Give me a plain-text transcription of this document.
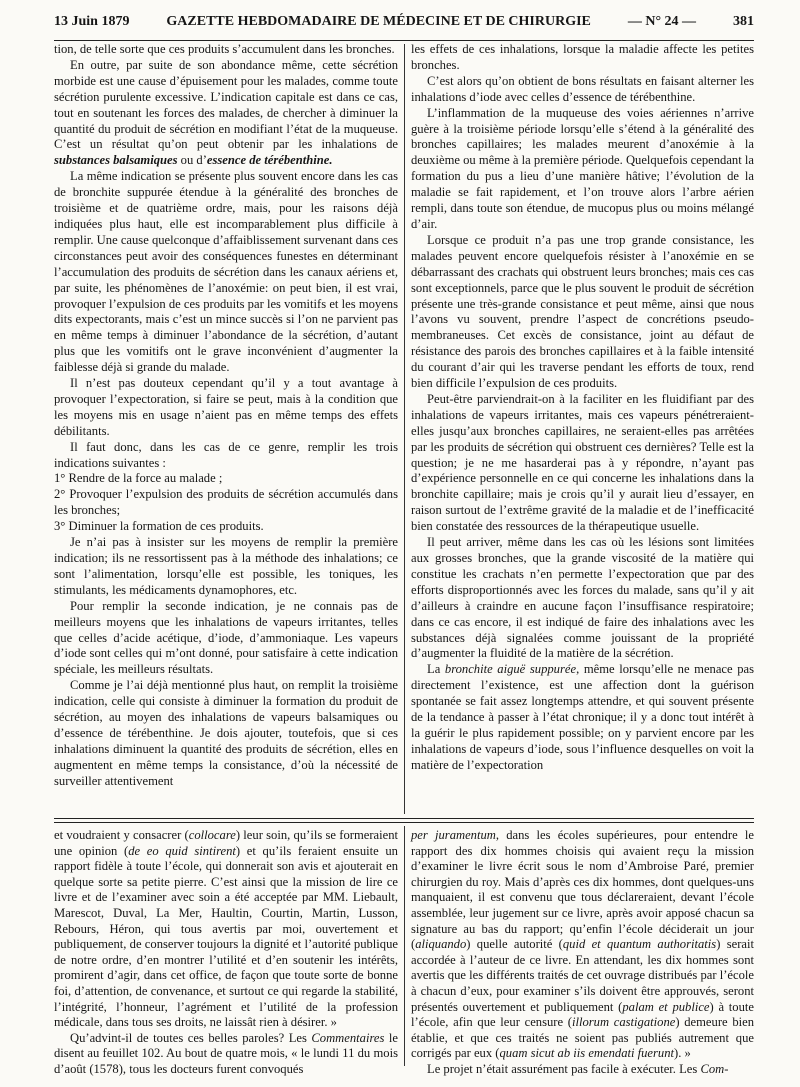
13 Juin 1879	GAZETTE HEBDOMADAIRE DE MÉDECINE ET DE CHIRURGIE	— N° 24 —	381

tion, de telle sorte que ces produits s’accumulent dans les bronches.

En outre, par suite de son abondance même, cette sécrétion morbide est une cause d’épuisement pour les malades, comme toute sécrétion purulente excessive. L’indication capitale est dans ce cas, tout en soutenant les forces des malades, de chercher à diminuer la quantité du produit de sécrétion en modifiant l’état de la muqueuse. C’est un résultat qu’on peut obtenir par les inhalations de substances balsamiques ou d’essence de térébenthine.

La même indication se présente plus souvent encore dans les cas de bronchite suppurée étendue à la généralité des bronches de troisième et de quatrième ordre, mais, pour les raisons déjà indiquées plus haut, elle est incomparablement plus difficile à remplir. Une cause quelconque d’affaiblissement survenant dans ces circonstances peut avoir des conséquences funestes en déterminant l’accumulation des produits de sécrétion dans les canaux aériens et, par suite, les phénomènes de l’anoxémie: on peut bien, il est vrai, provoquer l’expulsion de ces produits par les vomitifs et les moyens dits expectorants, mais c’est un mince succès si l’on ne parvient pas en même temps à diminuer l’abondance de la sécrétion, d’autant plus que les vomitifs ont le grave inconvénient d’augmenter la faiblesse déjà si grande du malade.

Il n’est pas douteux cependant qu’il y a tout avantage à provoquer l’expectoration, si faire se peut, mais à la condition que les moyens mis en usage n’aient pas en même temps des effets débilitants.

Il faut donc, dans les cas de ce genre, remplir les trois indications suivantes :

1° Rendre de la force au malade ;

2° Provoquer l’expulsion des produits de sécrétion accumulés dans les bronches;

3° Diminuer la formation de ces produits.

Je n’ai pas à insister sur les moyens de remplir la première indication; ils ne ressortissent pas à la méthode des inhalations; ce sont l’alimentation, lorsqu’elle est possible, les toniques, les stimulants, les médicaments dynamophores, etc.

Pour remplir la seconde indication, je ne connais pas de meilleurs moyens que les inhalations de vapeurs irritantes, telles que celles d’acide acétique, d’iode, d’ammoniaque. Les vapeurs d’iode sont celles qui m’ont donné, pour satisfaire à cette indication spéciale, les meilleurs résultats.

Comme je l’ai déjà mentionné plus haut, on remplit la troisième indication, celle qui consiste à diminuer la formation du produit de sécrétion, au moyen des inhalations de vapeurs balsamiques ou d’essence de térébenthine. Je dois ajouter, toutefois, que si ces inhalations diminuent la quantité des produits de sécrétion, elles en augmentent en même temps la consistance, d’où la nécessité de surveiller attentivement

les effets de ces inhalations, lorsque la maladie affecte les petites bronches.

C’est alors qu’on obtient de bons résultats en faisant alterner les inhalations d’iode avec celles d’essence de térébenthine.

L’inflammation de la muqueuse des voies aériennes n’arrive guère à la troisième période lorsqu’elle s’étend à la généralité des bronches capillaires; les malades meurent d’anoxémie à la deuxième ou même à la première période. Quelquefois cependant la formation du pus a lieu d’une manière hâtive; l’évolution de la maladie se fait rapidement, et l’on trouve alors l’arbre aérien rempli, dans toute son étendue, de mucopus plus ou moins mélangé d’air.

Lorsque ce produit n’a pas une trop grande consistance, les malades peuvent encore quelquefois résister à l’anoxémie en se débarrassant des crachats qui obstruent leurs bronches; mais ces cas sont exceptionnels, parce que le plus souvent le produit de sécrétion présente une très-grande consistance et peut même, ainsi que nous l’avons vu souvent, prendre l’aspect de concrétions pseudo-membraneuses. Cet excès de consistance, joint au défaut de résistance des parois des bronches capillaires et à la faible intensité du courant d’air qui les traverse pendant les efforts de toux, rend bien difficile l’expulsion de ces produits.

Peut-être parviendrait-on à la faciliter en les fluidifiant par des inhalations de vapeurs irritantes, mais ces vapeurs pénétreraient-elles jusqu’aux bronches capillaires, ne seraient-elles pas arrêtées par les produits de sécrétion qui obstruent ces dernières? Telle est la question; je ne me hasarderai pas à y répondre, n’ayant pas d’expérience personnelle en ce qui concerne les inhalations dans la bronchite capillaire; mais je crois qu’il y aurait lieu d’essayer, en raison surtout de l’extrême gravité de la maladie et de l’inefficacité bien constatée des ressources de la thérapeutique usuelle.

Il peut arriver, même dans les cas où les lésions sont limitées aux grosses bronches, que la grande viscosité de la matière qui constitue les crachats n’en permette l’expectoration que par des efforts disproportionnés avec les forces du malade, sans qu’il y ait d’ailleurs à craindre en aucune façon l’insuffisance respiratoire; dans ce cas encore, il est indiqué de faire des inhalations avec les substances déjà signalées comme jouissant de la propriété d’augmenter la fluidité de la matière de la sécrétion.

La bronchite aiguë suppurée, même lorsqu’elle ne menace pas directement l’existence, est une affection dont la guérison spontanée se fait assez longtemps attendre, et qui souvent présente de la tendance à passer à l’état chronique; il y a donc tout intérêt à la guérir le plus rapidement possible; on y parvient encore par les inhalations de vapeurs d’iode, sous l’influence desquelles on voit la matière de l’expectoration

et voudraient y consacrer (collocare) leur soin, qu’ils se formeraient une opinion (de eo quid sintirent) et qu’ils feraient ensuite un rapport fidèle à toute l’école, qui donnerait son avis et ajouterait en quelque sorte sa petite pierre. C’est ainsi que la mission de lire ce livre et de l’examiner avec soin a été acceptée par MM. Liebault, Marescot, Duval, La Mer, Haultin, Courtin, Martin, Lusson, Rebours, Héron, qui tous avertis par moi, ouvertement et publiquement, de conserver toujours la dignité et l’autorité publique de notre ordre, d’en montrer l’utilité et d’en soutenir les intérêts, promirent d’agir, dans cet office, de façon que toute sorte de bonne foi, d’attention, de convenance, et surtout ce qui regarde la stabilité, l’intégrité, l’honneur, l’agrément et l’utilité de la profession médicale, dans tous ses droits, ne laissât rien à désirer. »

Qu’advint-il de toutes ces belles paroles? Les Commentaires le disent au feuillet 102. Au bout de quatre mois, « le lundi 11 du mois d’août (1578), tous les docteurs furent convoqués

per juramentum, dans les écoles supérieures, pour entendre le rapport des dix hommes choisis qui avaient reçu la mission d’examiner le livre écrit sous le nom d’Ambroise Paré, premier chirurgien du roy. Mais d’après ces dix hommes, dont quelques-uns manquaient, il est convenu que tous déclareraient, devant l’école assemblée, leur jugement sur ce livre, après avoir apposé chacun sa signature au bas du rapport; qu’enfin l’école déciderait un jour (aliquando) quelle autorité (quid et quantum authoritatis) serait accordée à l’auteur de ce livre. En attendant, les dix hommes sont avertis que les différents traités de cet ouvrage distribués par l’école à chacun d’eux, pour examiner s’ils doivent être approuvés, seront présentés ouvertement et publiquement (palam et publice) à toute l’école, afin que leur censure (illorum castigatione) demeure bien établie, et que ces traités ne soient pas publiés autrement que corrigés par eux (quam sicut ab iis emendati fuerunt). »

Le projet n’était assurément pas facile à exécuter. Les Com-
